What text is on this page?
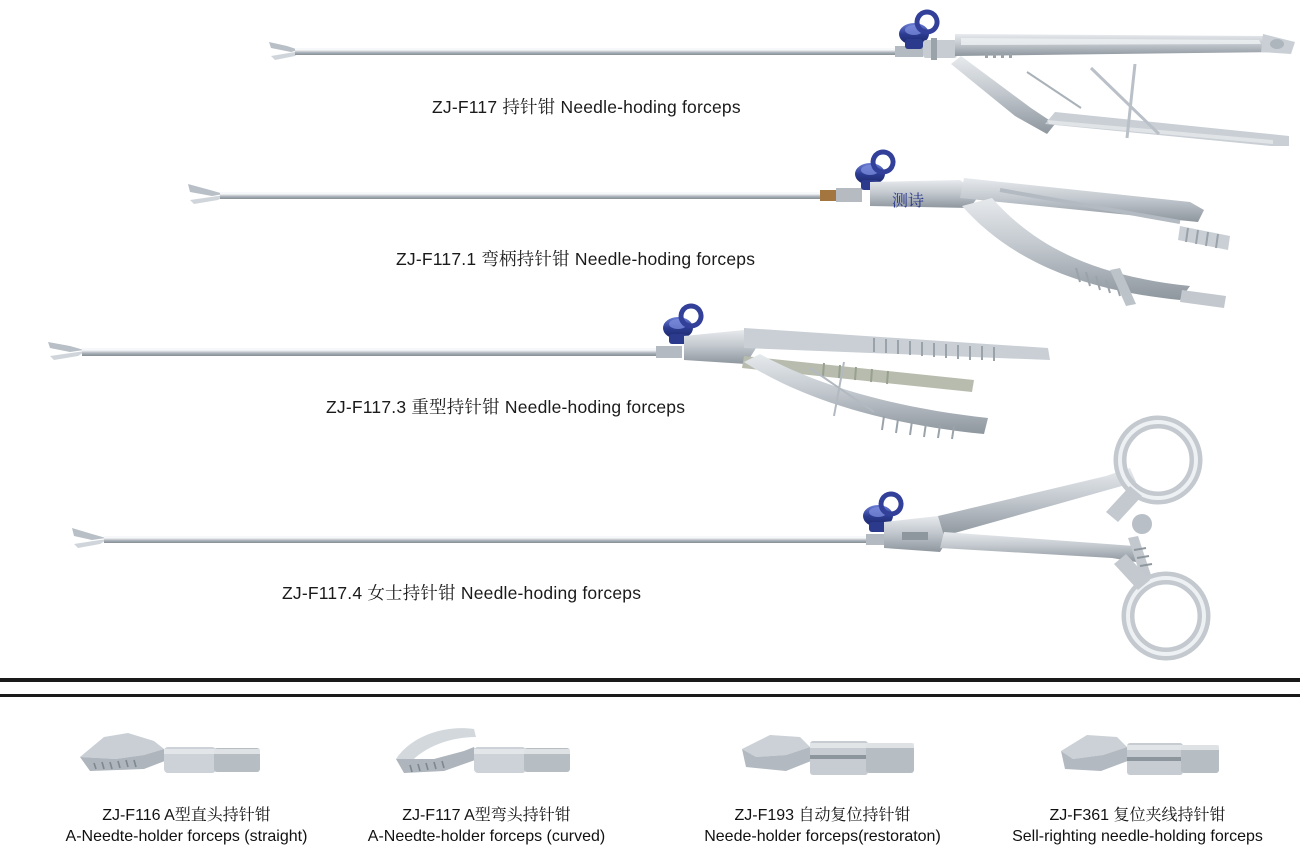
ZJ-F117 持针钳 Needle-hoding forceps
测诗
ZJ-F117.1 弯柄持针钳 Needle-hoding forceps
ZJ-F117.3 重型持针钳 Needle-hoding forceps
ZJ-F117.4 女士持针钳 Needle-hoding forceps
ZJ-F116 A型直头持针钳
A-Needte-holder forceps (straight)
ZJ-F117 A型弯头持针钳
A-Needte-holder forceps (curved)
ZJ-F193 自动复位持针钳
Neede-holder forceps(restoraton)
ZJ-F361 复位夹线持针钳
Sell-righting needle-holding forceps
